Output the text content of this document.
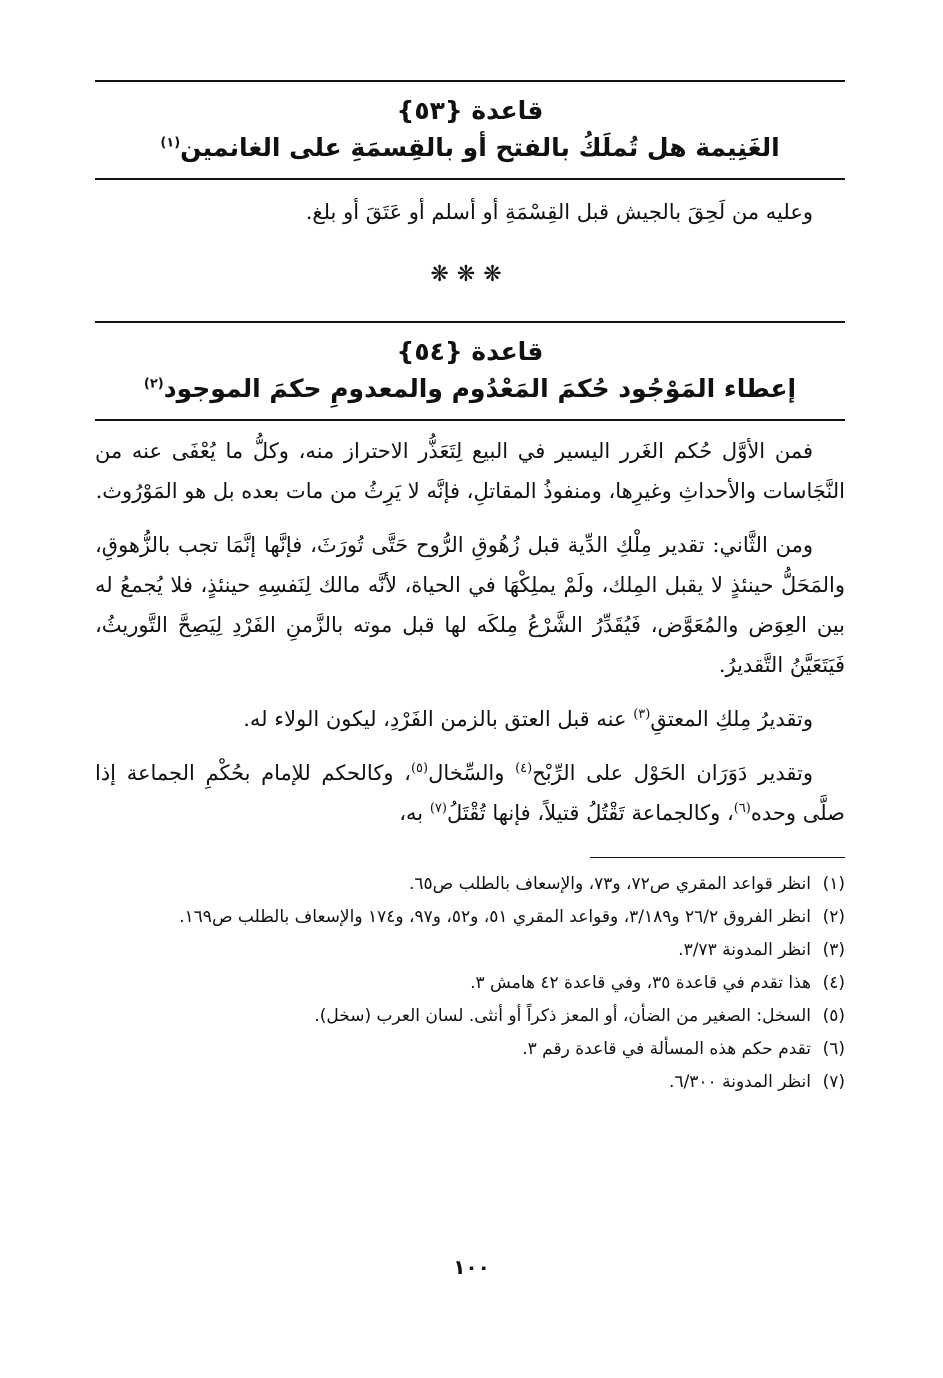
قاعدة {٥٣}
الغَنِيمة هل تُملَكُ بالفتح أو بالقِسمَةِ على الغانمين$^{(١)}$

وعليه من لَحِقَ بالجيش قبل القِسْمَةِ أو أسلم أو عَتَقَ أو بلغ.

❋❋❋
قاعدة {٥٤}
إعطاء المَوْجُود حُكمَ المَعْدُوم والمعدومِ حكمَ الموجود$^{(٢)}$

فمن الأوَّل حُكم الغَرر اليسير في البيع لِتَعَذُّر الاحتراز منه، وكلُّ ما يُعْفَى عنه من النَّجَاسات والأحداثِ وغيرِها، ومنفوذُ المقاتلِ، فإنَّه لا يَرِثُ من مات بعده بل هو المَوْرُوث.

ومن الثَّاني: تقدير مِلْكِ الدِّية قبل زُهُوقِ الرُّوح حَتَّى تُورَثَ، فإنَّها إنَّمَا تجب بالزُّهوقِ، والمَحَلُّ حينئذٍ لا يقبل المِلك، ولَمْ يملِكْهَا في الحياة، لأنَّه مالك لِنَفسِهِ حينئذٍ، فلا يُجمعُ له بين العِوَض والمُعَوَّض، فَيُقَدِّرُ الشَّرْعُ مِلكَه لها قبل موته بالزَّمنِ الفَرْدِ لِيَصِحَّ التَّوريثُ، فَيَتَعَيَّنُ التَّقديرُ.

وتقديرُ مِلكِ المعتقِ$^{(٣)}$ عنه قبل العتق بالزمن الفَرْدِ، ليكون الولاء له.

وتقدير دَوَرَان الحَوْل على الرِّبْح$^{(٤)}$ والسِّخال$^{(٥)}$، وكالحكم للإمام بحُكْمِ الجماعة إذا صلَّى وحده$^{(٦)}$، وكالجماعة تَقْتُلُ قتيلاً، فإنها تُقْتَلُ$^{(٧)}$ به،

(١)
انظر قواعد المقري ص٧٢، و٧٣، والإسعاف بالطلب ص٦٥.
(٢)
انظر الفروق ٢٦/٢ و٣/١٨٩، وقواعد المقري ٥١، و٥٢، و٩٧، و١٧٤ والإسعاف بالطلب ص١٦٩.
(٣)
انظر المدونة ٣/٧٣.
(٤)
هذا تقدم في قاعدة ٣٥، وفي قاعدة ٤٢ هامش ٣.
(٥)
السخل: الصغير من الضأن، أو المعز ذكراً أو أنثى. لسان العرب (سخل).
(٦)
تقدم حكم هذه المسألة في قاعدة رقم ٣.
(٧)
انظر المدونة ٦/٣٠٠.
١٠٠
